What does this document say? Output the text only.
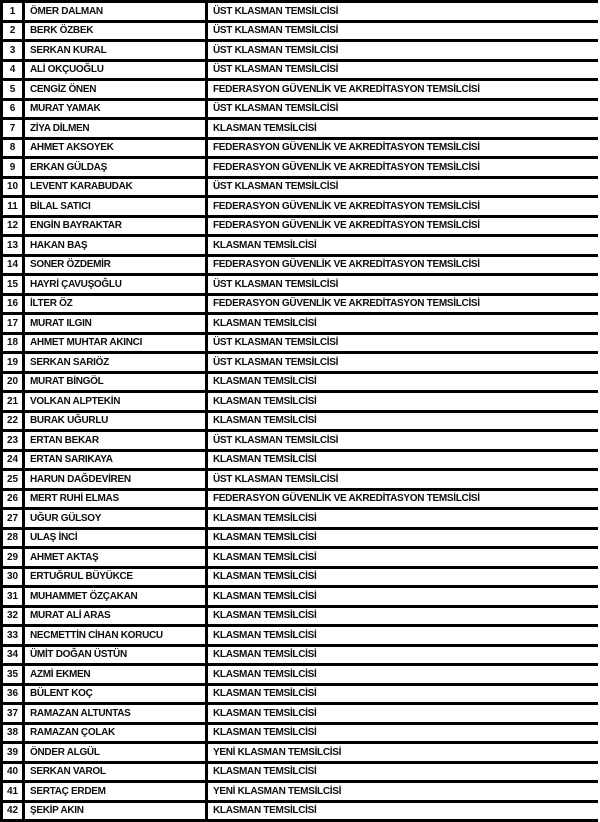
1	ÖMER DALMAN	ÜST KLASMAN TEMSİLCİSİ
2	BERK ÖZBEK	ÜST KLASMAN TEMSİLCİSİ
3	SERKAN KURAL	ÜST KLASMAN TEMSİLCİSİ
4	ALİ OKÇUOĞLU	ÜST KLASMAN TEMSİLCİSİ
5	CENGİZ ÖNEN	FEDERASYON GÜVENLİK VE AKREDİTASYON TEMSİLCİSİ
6	MURAT YAMAK	ÜST KLASMAN TEMSİLCİSİ
7	ZİYA DİLMEN	KLASMAN TEMSİLCİSİ
8	AHMET AKSOYEK	FEDERASYON GÜVENLİK VE AKREDİTASYON TEMSİLCİSİ
9	ERKAN GÜLDAŞ	FEDERASYON GÜVENLİK VE AKREDİTASYON TEMSİLCİSİ
10	LEVENT KARABUDAK	ÜST KLASMAN TEMSİLCİSİ
11	BİLAL SATICI	FEDERASYON GÜVENLİK VE AKREDİTASYON TEMSİLCİSİ
12	ENGİN BAYRAKTAR	FEDERASYON GÜVENLİK VE AKREDİTASYON TEMSİLCİSİ
13	HAKAN BAŞ	KLASMAN TEMSİLCİSİ
14	SONER ÖZDEMİR	FEDERASYON GÜVENLİK VE AKREDİTASYON TEMSİLCİSİ
15	HAYRİ ÇAVUŞOĞLU	ÜST KLASMAN TEMSİLCİSİ
16	İLTER ÖZ	FEDERASYON GÜVENLİK VE AKREDİTASYON TEMSİLCİSİ
17	MURAT ILGIN	KLASMAN TEMSİLCİSİ
18	AHMET MUHTAR AKINCI	ÜST KLASMAN TEMSİLCİSİ
19	SERKAN SARIÖZ	ÜST KLASMAN TEMSİLCİSİ
20	MURAT BİNGÖL	KLASMAN TEMSİLCİSİ
21	VOLKAN ALPTEKİN	KLASMAN TEMSİLCİSİ
22	BURAK UĞURLU	KLASMAN TEMSİLCİSİ
23	ERTAN BEKAR	ÜST KLASMAN TEMSİLCİSİ
24	ERTAN SARIKAYA	KLASMAN TEMSİLCİSİ
25	HARUN DAĞDEVİREN	ÜST KLASMAN TEMSİLCİSİ
26	MERT RUHİ ELMAS	FEDERASYON GÜVENLİK VE AKREDİTASYON TEMSİLCİSİ
27	UĞUR GÜLSOY	KLASMAN TEMSİLCİSİ
28	ULAŞ İNCİ	KLASMAN TEMSİLCİSİ
29	AHMET AKTAŞ	KLASMAN TEMSİLCİSİ
30	ERTUĞRUL BÜYÜKCE	KLASMAN TEMSİLCİSİ
31	MUHAMMET ÖZÇAKAN	KLASMAN TEMSİLCİSİ
32	MURAT ALİ ARAS	KLASMAN TEMSİLCİSİ
33	NECMETTİN CİHAN KORUCU	KLASMAN TEMSİLCİSİ
34	ÜMİT DOĞAN ÜSTÜN	KLASMAN TEMSİLCİSİ
35	AZMİ EKMEN	KLASMAN TEMSİLCİSİ
36	BÜLENT KOÇ	KLASMAN TEMSİLCİSİ
37	RAMAZAN ALTUNTAS	KLASMAN TEMSİLCİSİ
38	RAMAZAN ÇOLAK	KLASMAN TEMSİLCİSİ
39	ÖNDER ALGÜL	YENİ KLASMAN TEMSİLCİSİ
40	SERKAN VAROL	KLASMAN TEMSİLCİSİ
41	SERTAÇ ERDEM	YENİ KLASMAN TEMSİLCİSİ
42	ŞEKİP AKIN	KLASMAN TEMSİLCİSİ
